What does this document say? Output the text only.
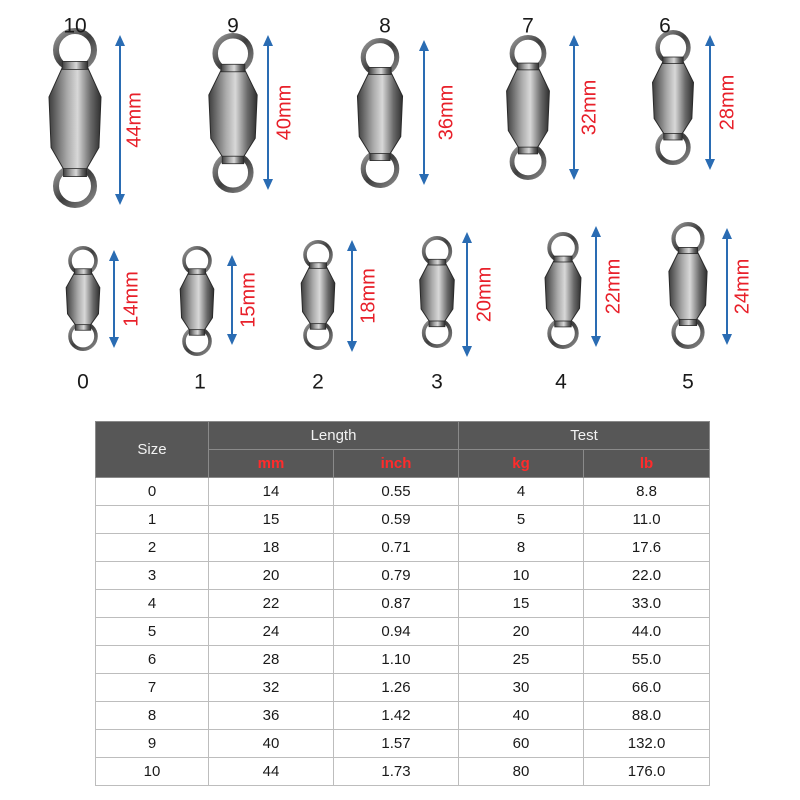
44mm
10
40mm
9
36mm
8
32mm
7
28mm
6
14mm
0
15mm
1
18mm
2
20mm
3
22mm
4
24mm
5
Size	Length		Test	
	mm	inch	kg	lb
0	14	0.55	4	8.8
1	15	0.59	5	11.0
2	18	0.71	8	17.6
3	20	0.79	10	22.0
4	22	0.87	15	33.0
5	24	0.94	20	44.0
6	28	1.10	25	55.0
7	32	1.26	30	66.0
8	36	1.42	40	88.0
9	40	1.57	60	132.0
10	44	1.73	80	176.0
